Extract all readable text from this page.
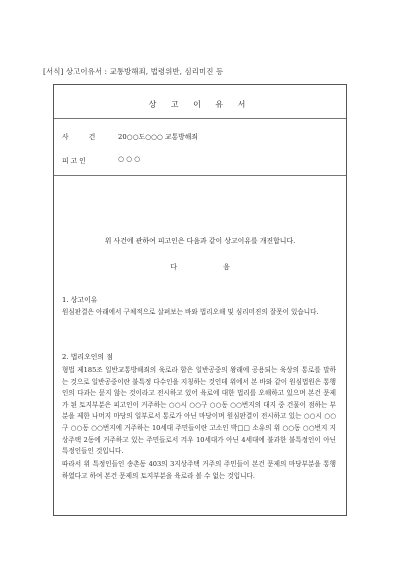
[서식] 상고이유서 : 교통방해죄, 법령위반, 심리미진 등
상 고 이 유 서
사 건 20○○도○○○ 교통방해죄
피고인	○ ○ ○
위 사건에 관하여 피고인은 다음과 같이 상고이유를 개진합니다.
다 음
1. 상고이유
원심판결은 아래에서 구체적으로 살펴보는 바와 법리오해 및 심리미진의 잘못이 있습니다.
2. 법리오인의 점
형법 제185조 일반교통방해죄의 육로라 함은 일반공중의 왕래에 공용되는 육상의 통로를 말하는 것으로 일반공중이란 불특정 다수인을 지칭하는 것인데 위에서 본 바와 같이 원심법원은 통행인의 다과는 묻지 않는 것이라고 전시하고 있어 육로에 대한 법리를 오해하고 있으며 본건 문제가 된 토지부분은 피고인이 거주하는 ○○시 ○○구 ○○동 ○○번지의 대지 중 건물이 점하는 부분을 제한 나머지 마당의 일부로서 통로가 아닌 마당이며 원심판결이 전시하고 있는 ○○시 ○○구 ○○동 ○○번지에 거주하는 10세대 주민들이란 고소인 박□□ 소유의 위 ○○동 ○○번지 지상주택 2동에 거주하고 있는 주민들로서 겨우 10세대가 아닌 4세대에 불과한 불특정인이 아닌 특정인들인 것입니다.
따라서 위 특정인들인 송촌동 403의 3지상주택 거주의 주민들이 본건 문제의 마당부분을 통행하였다고 하여 본건 문제의 토지부분을 육로라 볼 수 없는 것입니다.
